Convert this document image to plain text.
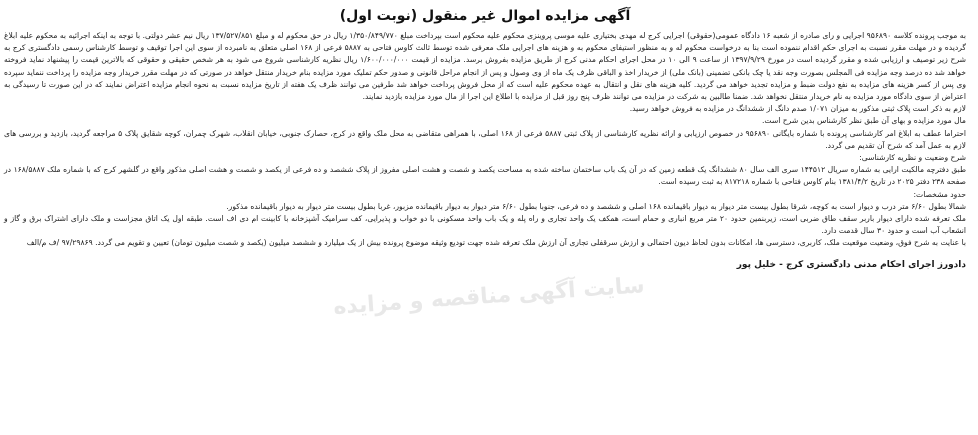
سایت آگهی مناقصه و مزایده
آگهی مزایده اموال غیر منقول (نوبت اول)

به موجب پرونده کلاسه ۹۵۶۸۹۰ اجرایی و رای صادره از شعبه ۱۶ دادگاه عمومی(حقوقی) اجرایی کرج له مهدی بختیاری علیه موسی پروینزی محکوم علیه محکوم است بپرداخت مبلغ ۱/۳۵۰/۸۴۹/۷۷۰ ریال در حق محکوم له و مبلغ ۱۳۷/۵۲۷/۸۵۱ ریال نیم عشر دولتی. با توجه به اینکه اجرائیه به محکوم علیه ابلاغ گردیده و در مهلت مقرر نسبت به اجرای حکم اقدام ننموده است بنا به درخواست محکوم له و به منظور استیفای محکوم به و هزینه های اجرایی ملک معرفی شده توسط ثالث کاوس فتاحی به ۵۸۸۷ فرعی از ۱۶۸ اصلی متعلق به نامبرده از سوی این اجرا توقیف و توسط کارشناس رسمی دادگستری کرج به شرح زیر توصیف و ارزیابی شده و مقرر گردیده است در مورخ ۱۳۹۷/۹/۲۹ از ساعت ۹ الی ۱۰ در محل اجرای احکام مدنی کرج از طریق مزایده بفروش برسد. مزایده از قیمت ۱/۶۰۰/۰۰۰/۰۰۰ ریال نظریه کارشناسی شروع می شود به هر شخص حقیقی و حقوقی که بالاترین قیمت را پیشنهاد نماید فروخته خواهد شد ده درصد وجه مزایده فی المجلس بصورت وجه نقد یا چک بانکی تضمینی (بانک ملی) از خریدار اخذ و الباقی ظرف یک ماه از وی وصول و پس از انجام مراحل قانونی و صدور حکم تملیک مورد مزایده بنام خریدار منتقل خواهد در صورتی که در مهلت مقرر خریدار وجه مزایده را پرداخت ننماید سپرده وی پس از کسر هزینه های مزایده به نفع دولت ضبط و مزایده تجدید خواهد می گردید. کلیه هزینه های نقل و انتقال به عهده محکوم علیه است که از محل فروش پرداخت خواهد شد طرفین می توانند ظرف یک هفته از تاریخ مزایده نسبت به نحوه انجام مزایده اعتراض نمایند که در این صورت تا رسیدگی به اعتراض از سوی دادگاه مورد مزایده به نام خریدار منتقل نخواهد شد. ضمنا طالبین به شرکت در مزایده می توانند ظرف پنج روز قبل از مزایده با اطلاع این اجرا از مال مورد مزایده بازدید نمایند.

لازم به ذکر است پلاک ثبتی مذکور به میزان ۱/۰۷۱ صدم دانگ از ششدانگ در مزایده به فروش خواهد رسید.

مال مورد مزایده و بهای آن طبق نظر کارشناس بدین شرح است.

احتراما عطف به ابلاغ امر کارشناسی پرونده با شماره بایگانی ۹۵۶۸۹۰ در خصوص ارزیابی و ارائه نظریه کارشناسی از پلاک ثبتی ۵۸۸۷ فرعی از ۱۶۸ اصلی، با همراهی متقاضی به محل ملک واقع در کرج، حصارک جنوبی، خیابان انقلاب، شهرک چمران، کوچه شقایق پلاک ۵ مراجعه گردید، بازدید و بررسی های لازم به عمل آمد که شرح آن تقدیم می گردد.

شرح وضعیت و نظریه کارشناسی:

طبق دفترچه مالکیت ارایی به شماره سریال ۱۴۴۵۱۲ سری الف سال ۸۰ ششدانگ یک قطعه زمین که در آن یک باب ساختمان ساخته شده به مساحت یکصد و شصت و هشت اصلی مفروز از پلاک ششصد و ده فرعی از یکصد و شصت و هشت اصلی مذکور واقع در گلشهر کرج که با شماره ملک ۱۶۸/۵۸۸۷ در صفحه ۲۳۸ دفتر ۲۰۲۵ در تاریخ ۱۳۸۱/۴/۲ بنام کاوس فتاحی با شماره ۸۱۷۲۱۸ به ثبت رسیده است.

حدود مشخصات:

شمالا بطول ۶/۶۰ متر درب و دیوار است به کوچه، شرقا بطول بیست متر دیوار به دیوار باقیمانده ۱۶۸ اصلی و ششصد و ده فرعی، جنوبا بطول ۶/۶۰ متر دیوار به دیوار باقیمانده مزبور، غربا بطول بیست متر دیوار به دیوار باقیمانده مذکور.

ملک تعرفه شده دارای دیوار باربر سقف طاق ضربی است، زیربنمین حدود ۲۰ متر مربع انباری و حمام است، همکف یک واحد تجاری و راه پله و یک باب واحد مسکونی با دو خواب و پذیرایی، کف سرامیک آشپزخانه با کابینت ام دی اف است. طبقه اول یک اتاق مجزاست و ملک دارای اشتراک برق و گاز و انشعاب آب است و حدود ۳۰ سال قدمت دارد.

با عنایت به شرح فوق، وضعیت موقعیت ملک، کاربری، دسترسی ها، امکانات بدون لحاظ دیون احتمالی و ارزش سرقفلی تجاری آن ارزش ملک تعرفه شده جهت تودیع وثیقه موضوع پرونده بیش از یک میلیارد و ششصد میلیون (یکصد و شصت میلیون تومان) تعیین و تقویم می گردد. ۹۷/۲۹۸۶۹ /ف م/الف

دادورز اجرای احکام مدنی دادگستری کرج - خلیل پور
